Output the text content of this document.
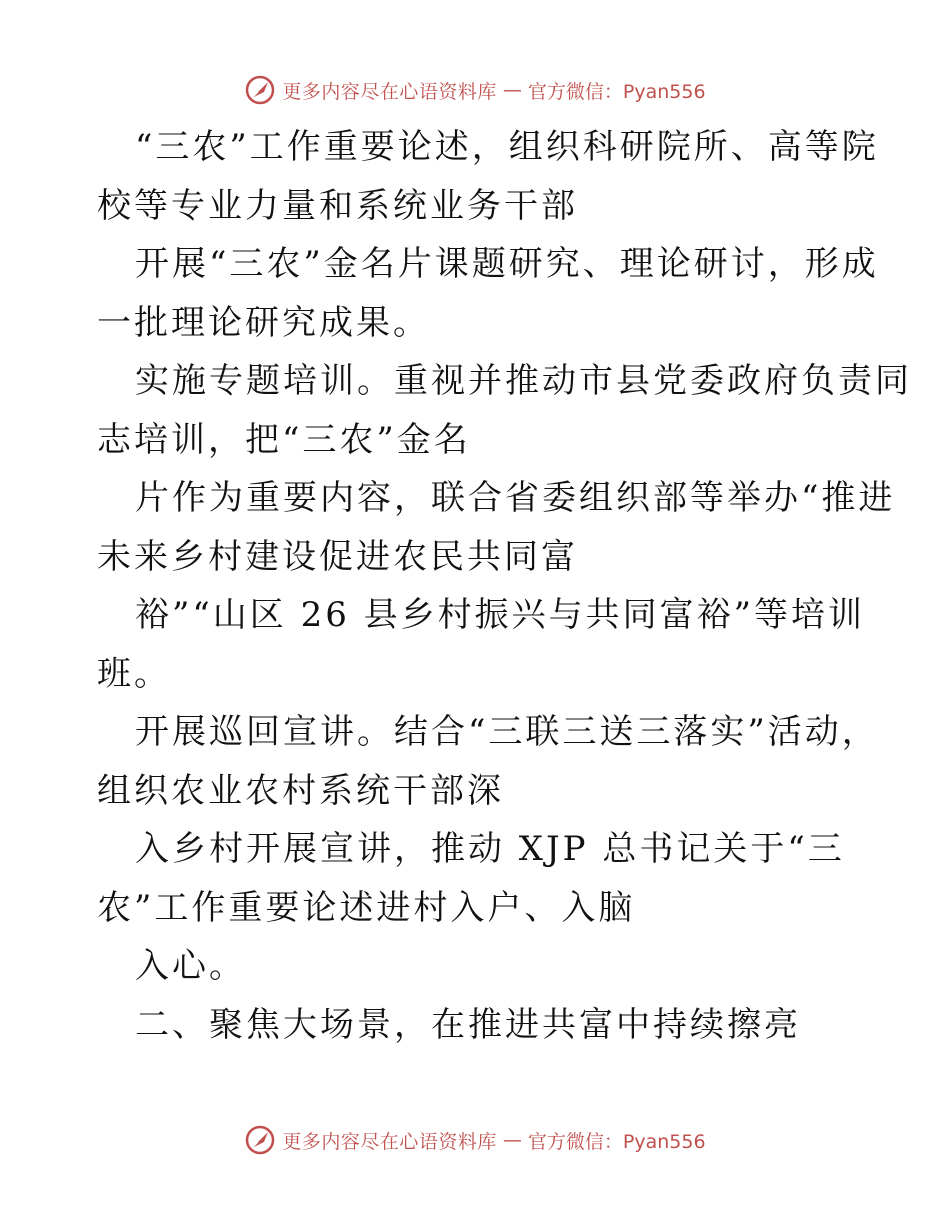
更多内容尽在心语资料库 — 官方微信：Pyan556
“三农”工作重要论述，组织科研院所、高等院
校等专业力量和系统业务干部
开展“三农”金名片课题研究、理论研讨，形成
一批理论研究成果。
实施专题培训。重视并推动市县党委政府负责同
志培训，把“三农”金名
片作为重要内容，联合省委组织部等举办“推进
未来乡村建设促进农民共同富
裕”“山区 26 县乡村振兴与共同富裕”等培训
班。
开展巡回宣讲。结合“三联三送三落实”活动，
组织农业农村系统干部深
入乡村开展宣讲，推动 XJP 总书记关于“三
农”工作重要论述进村入户、入脑
入心。
二、聚焦大场景，在推进共富中持续擦亮
更多内容尽在心语资料库 — 官方微信：Pyan556
